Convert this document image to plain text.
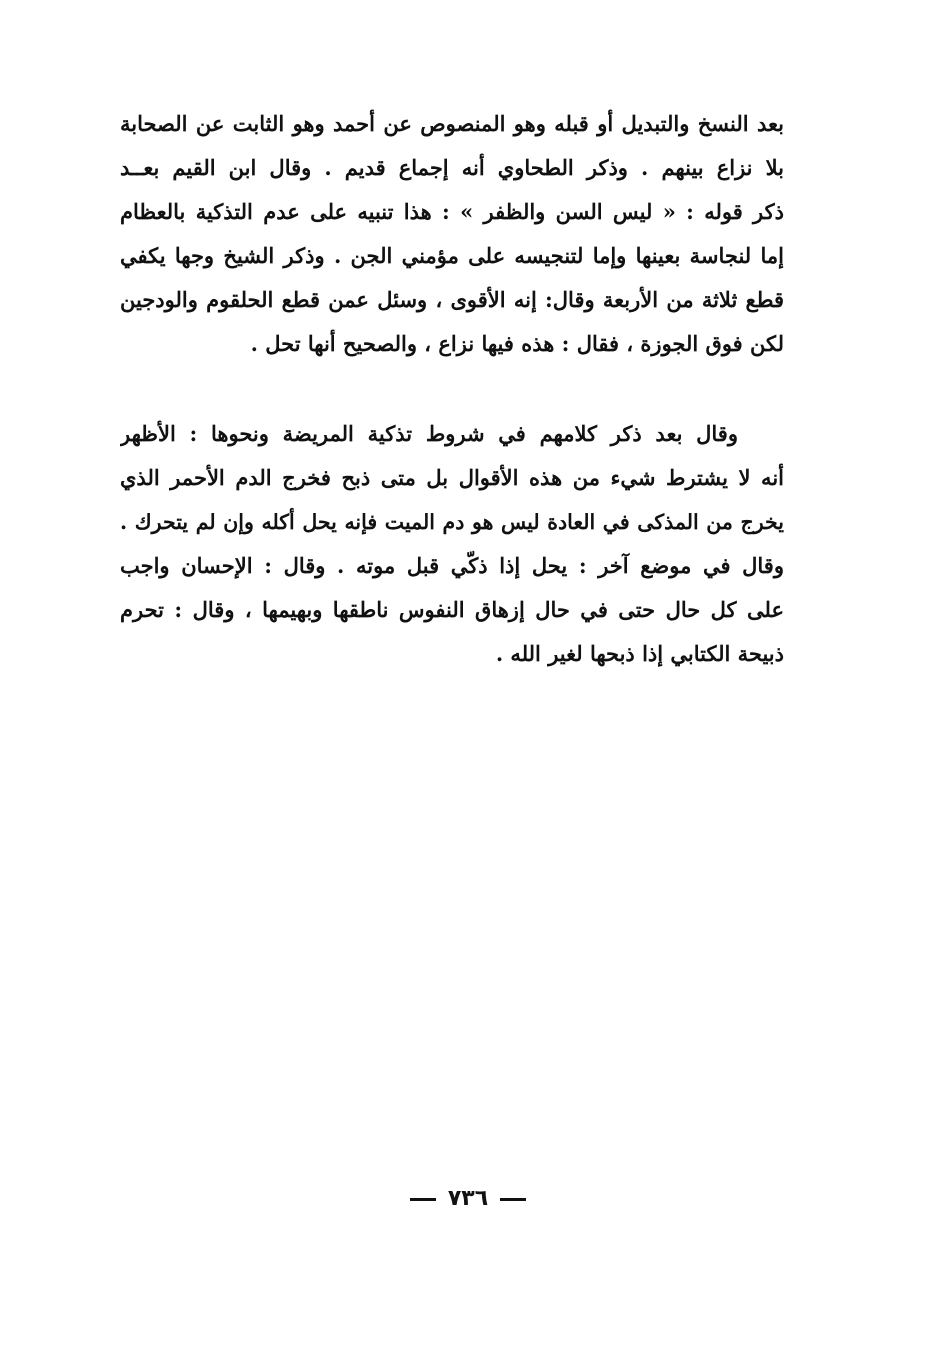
بعد النسخ والتبديل أو قبله وهو المنصوص عن أحمد وهو الثابت عن الصحابة
بلا نزاع بينهم . وذكر الطحاوي أنه إجماع قديم . وقال ابن القيم بعــد
ذكر قوله : « ليس السن والظفر » : هذا تنبيه على عدم التذكية بالعظام
إما لنجاسة بعينها وإما لتنجيسه على مؤمني الجن . وذكر الشيخ وجها يكفي
قطع ثلاثة من الأربعة وقال: إنه الأقوى ، وسئل عمن قطع الحلقوم والودجين
لكن فوق الجوزة ، فقال : هذه فيها نزاع ، والصحيح أنها تحل .
وقال بعد ذكر كلامهم في شروط تذكية المريضة ونحوها : الأظهر
أنه لا يشترط شيء من هذه الأقوال بل متى ذبح فخرج الدم الأحمر الذي
يخرج من المذكى في العادة ليس هو دم الميت فإنه يحل أكله وإن لم يتحرك .
وقال في موضع آخر : يحل إذا ذكّي قبل موته . وقال : الإحسان واجب
على كل حال حتى في حال إزهاق النفوس ناطقها وبهيمها ، وقال : تحرم
ذبيحة الكتابي إذا ذبحها لغير الله .
٧٣٦
